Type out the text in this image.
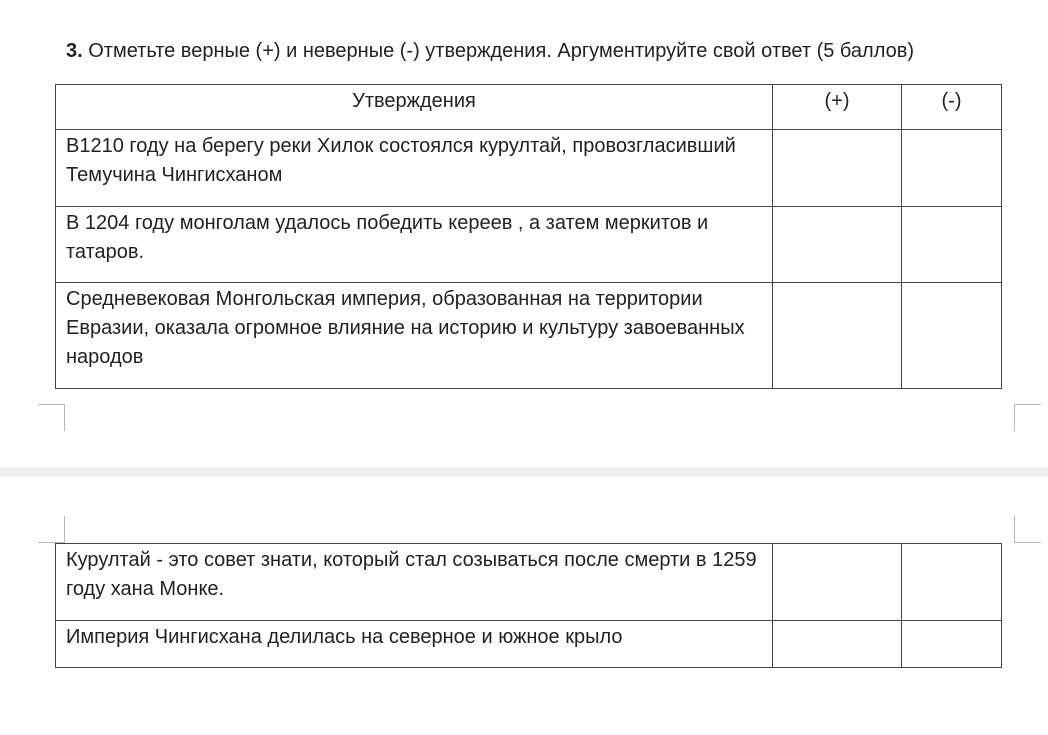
3. Отметьте верные (+) и неверные (-) утверждения. Аргументируйте свой ответ (5 баллов)
Утверждения	(+)	(-)
В1210 году на берегу реки Хилок состоялся курултай, провозгласивший Темучина Чингисханом		
В 1204 году монголам удалось победить кереев , а затем меркитов и татаров.		
Средневековая Монгольская империя, образованная на территории Евразии, оказала огромное влияние на историю и культуру завоеванных народов		
Курултай - это совет знати, который стал созываться после смерти в 1259 году хана Монке.		
Империя Чингисхана делилась на северное и южное крыло		
